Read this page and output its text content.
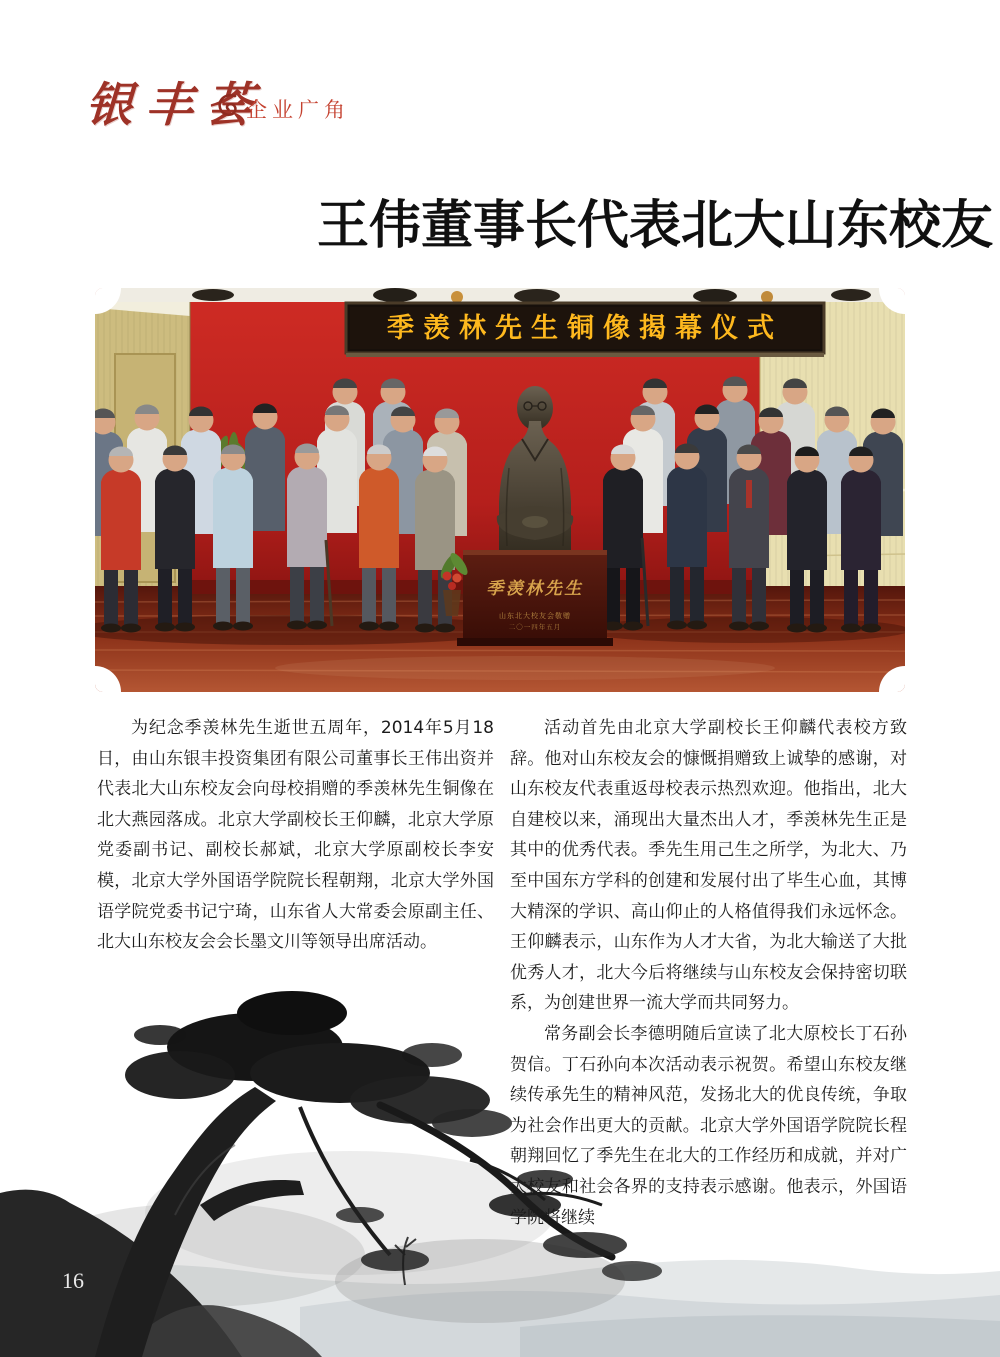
银丰荟
企业广角
王伟董事长代表北大山东校友
季羡林先生铜像揭幕仪式
季羡林先生
山东北大校友会敬赠
二〇一四年五月

为纪念季羡林先生逝世五周年，2014年5月18日，由山东银丰投资集团有限公司董事长王伟出资并代表北大山东校友会向母校捐赠的季羡林先生铜像在北大燕园落成。北京大学副校长王仰麟，北京大学原党委副书记、副校长郝斌，北京大学原副校长李安模，北京大学外国语学院院长程朝翔，北京大学外国语学院党委书记宁琦，山东省人大常委会原副主任、北大山东校友会会长墨文川等领导出席活动。

活动首先由北京大学副校长王仰麟代表校方致辞。他对山东校友会的慷慨捐赠致上诚挚的感谢，对山东校友代表重返母校表示热烈欢迎。他指出，北大自建校以来，涌现出大量杰出人才，季羡林先生正是其中的优秀代表。季先生用己生之所学，为北大、乃至中国东方学科的创建和发展付出了毕生心血，其博大精深的学识、高山仰止的人格值得我们永远怀念。王仰麟表示，山东作为人才大省，为北大输送了大批优秀人才，北大今后将继续与山东校友会保持密切联系，为创建世界一流大学而共同努力。

常务副会长李德明随后宣读了北大原校长丁石孙贺信。丁石孙向本次活动表示祝贺。希望山东校友继续传承先生的精神风范，发扬北大的优良传统，争取为社会作出更大的贡献。北京大学外国语学院院长程朝翔回忆了季先生在北大的工作经历和成就，并对广大校友和社会各界的支持表示感谢。他表示，外国语学院将继续

16
